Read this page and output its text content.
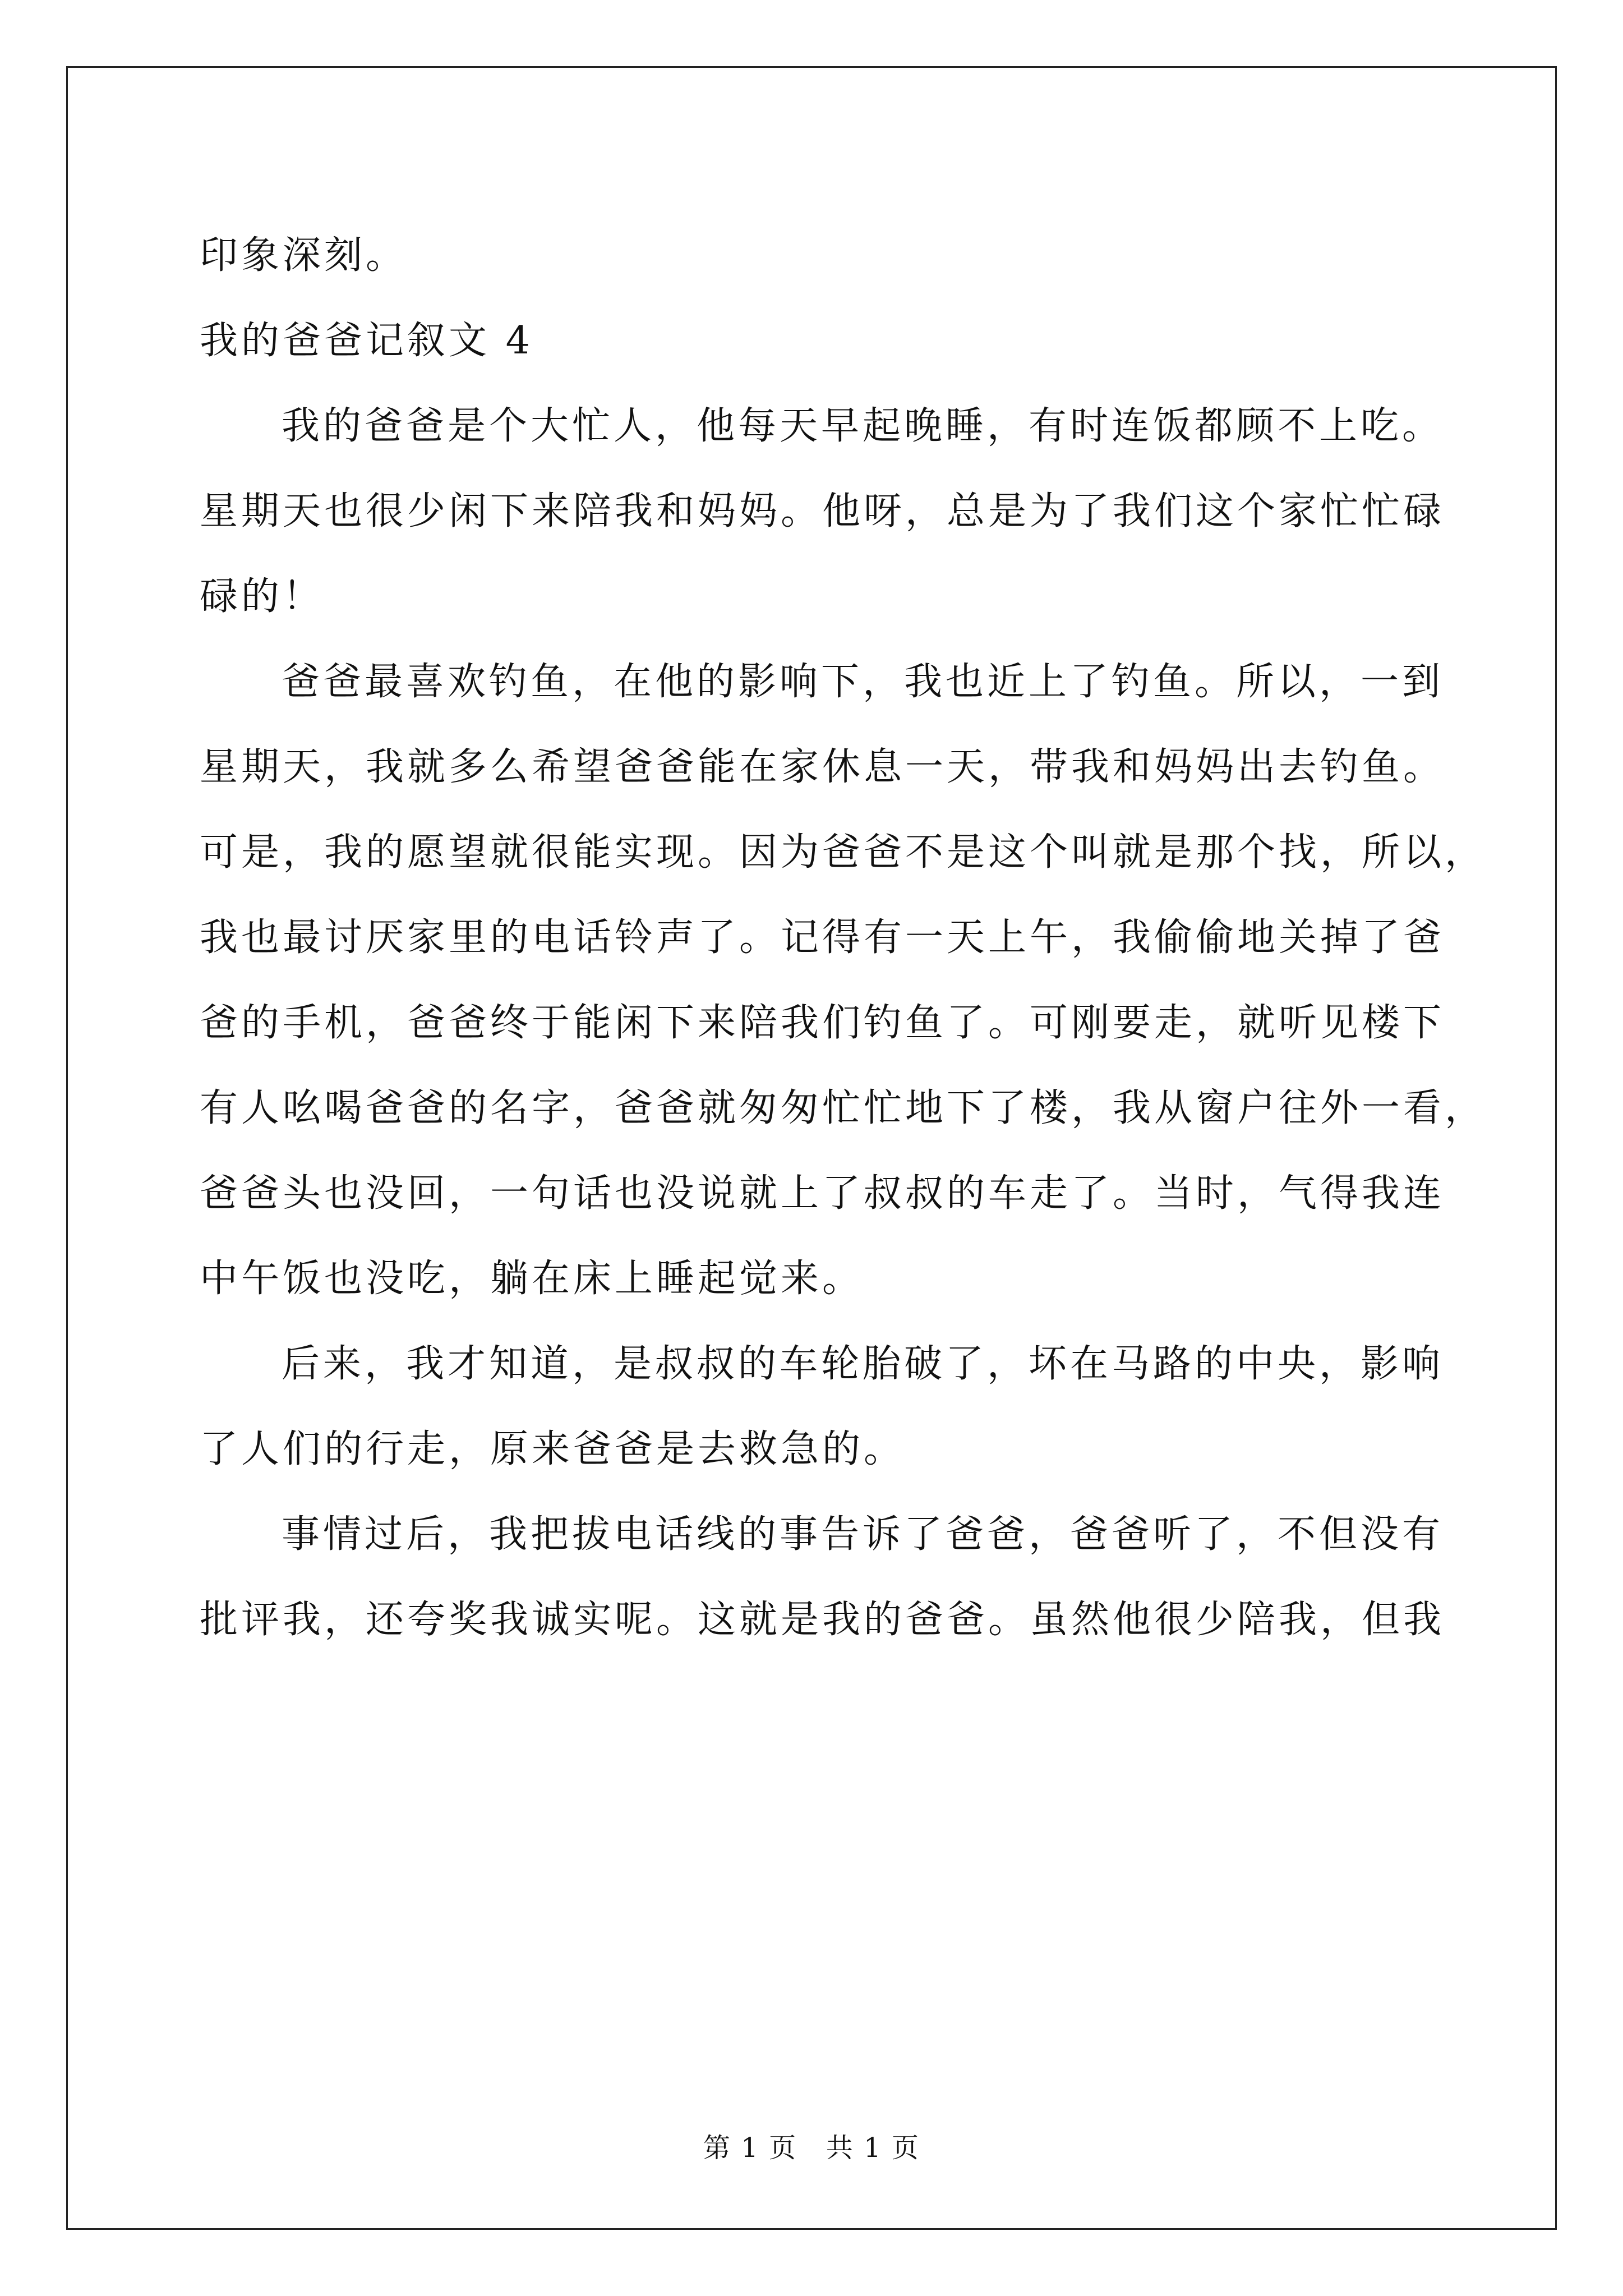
印象深刻。
我的爸爸记叙文 4
我的爸爸是个大忙人，他每天早起晚睡，有时连饭都顾不上吃。
星期天也很少闲下来陪我和妈妈。他呀，总是为了我们这个家忙忙碌
碌的！
爸爸最喜欢钓鱼，在他的影响下，我也近上了钓鱼。所以，一到
星期天，我就多么希望爸爸能在家休息一天，带我和妈妈出去钓鱼。
可是，我的愿望就很能实现。因为爸爸不是这个叫就是那个找，所以，
我也最讨厌家里的电话铃声了。记得有一天上午，我偷偷地关掉了爸
爸的手机，爸爸终于能闲下来陪我们钓鱼了。可刚要走，就听见楼下
有人吆喝爸爸的名字，爸爸就匆匆忙忙地下了楼，我从窗户往外一看，
爸爸头也没回，一句话也没说就上了叔叔的车走了。当时，气得我连
中午饭也没吃，躺在床上睡起觉来。
后来，我才知道，是叔叔的车轮胎破了，坏在马路的中央，影响
了人们的行走，原来爸爸是去救急的。
事情过后，我把拔电话线的事告诉了爸爸，爸爸听了，不但没有
批评我，还夸奖我诚实呢。这就是我的爸爸。虽然他很少陪我，但我
第 1 页   共 1 页
